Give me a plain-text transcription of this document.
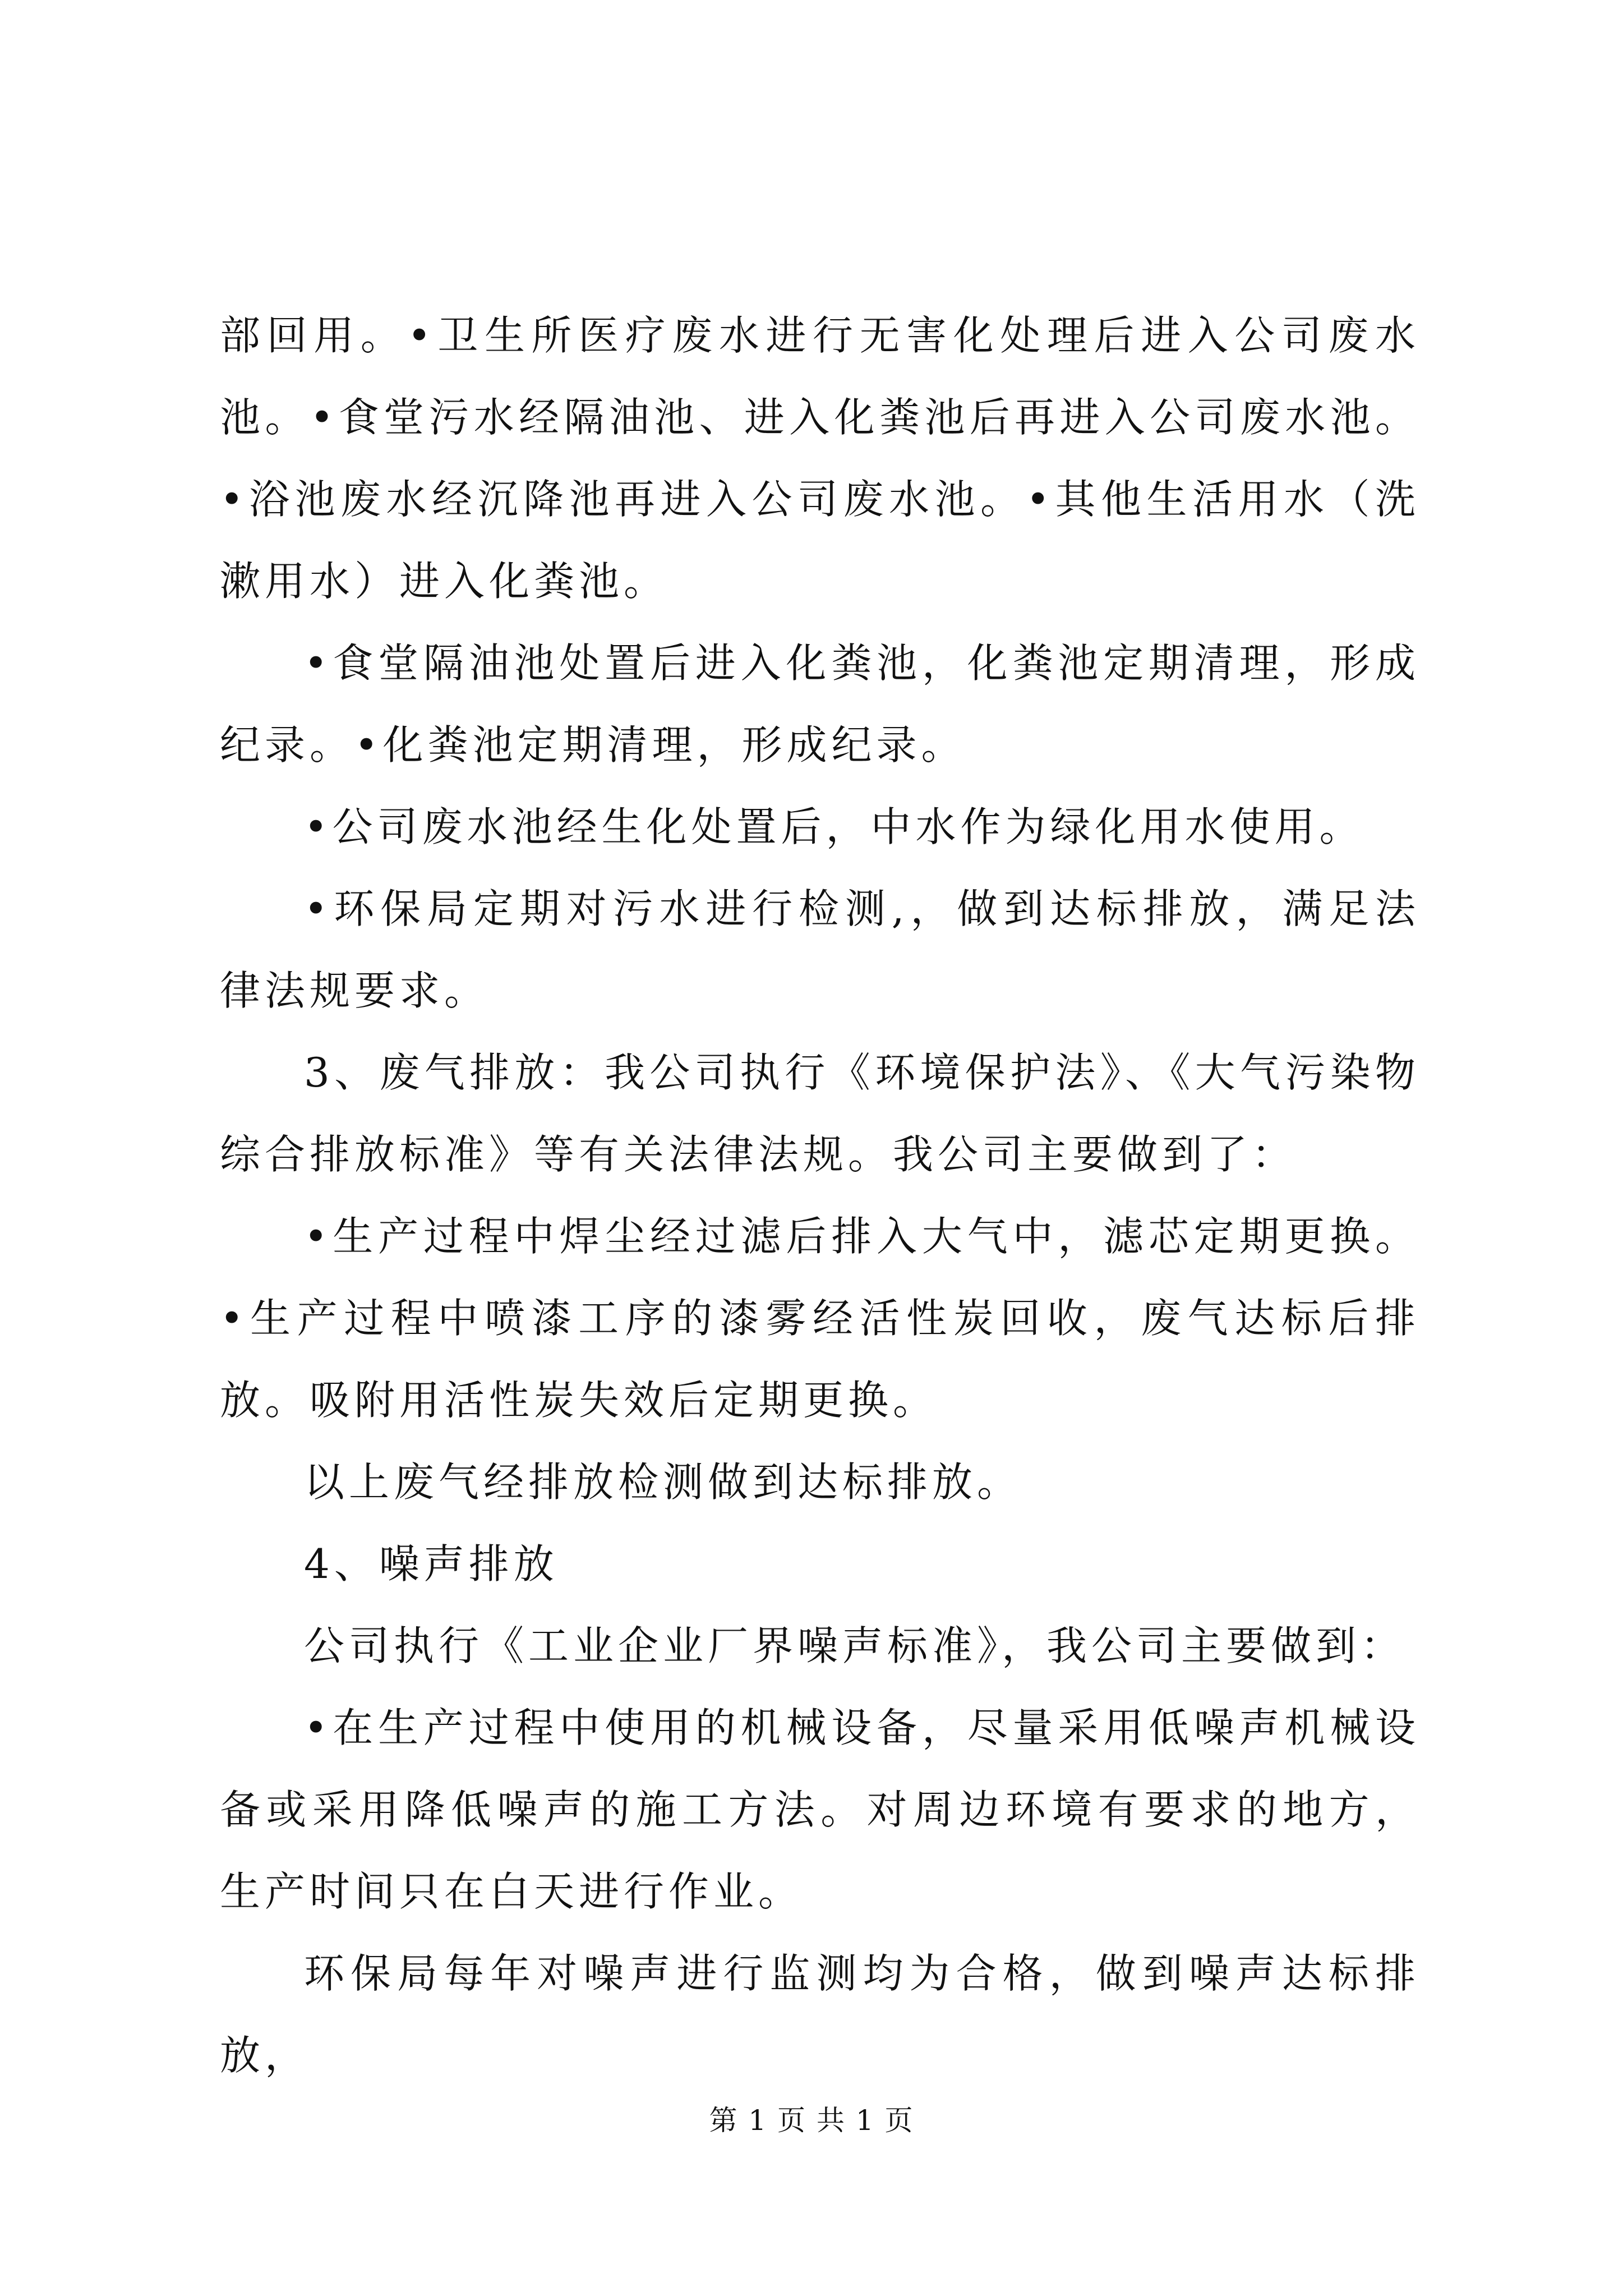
部回用。•卫生所医疗废水进行无害化处理后进入公司废水池。•食堂污水经隔油池、进入化粪池后再进入公司废水池。•浴池废水经沉降池再进入公司废水池。•其他生活用水（洗漱用水）进入化粪池。

•食堂隔油池处置后进入化粪池，化粪池定期清理，形成纪录。•化粪池定期清理，形成纪录。

•公司废水池经生化处置后，中水作为绿化用水使用。

•环保局定期对污水进行检测,，做到达标排放，满足法律法规要求。

3、废气排放：我公司执行《环境保护法》、《大气污染物综合排放标准》等有关法律法规。我公司主要做到了：

•生产过程中焊尘经过滤后排入大气中，滤芯定期更换。•生产过程中喷漆工序的漆雾经活性炭回收，废气达标后排放。吸附用活性炭失效后定期更换。

以上废气经排放检测做到达标排放。

4、噪声排放

公司执行《工业企业厂界噪声标准》，我公司主要做到：

•在生产过程中使用的机械设备，尽量采用低噪声机械设备或采用降低噪声的施工方法。对周边环境有要求的地方，生产时间只在白天进行作业。

环保局每年对噪声进行监测均为合格，做到噪声达标排放，

第 1 页 共 1 页
